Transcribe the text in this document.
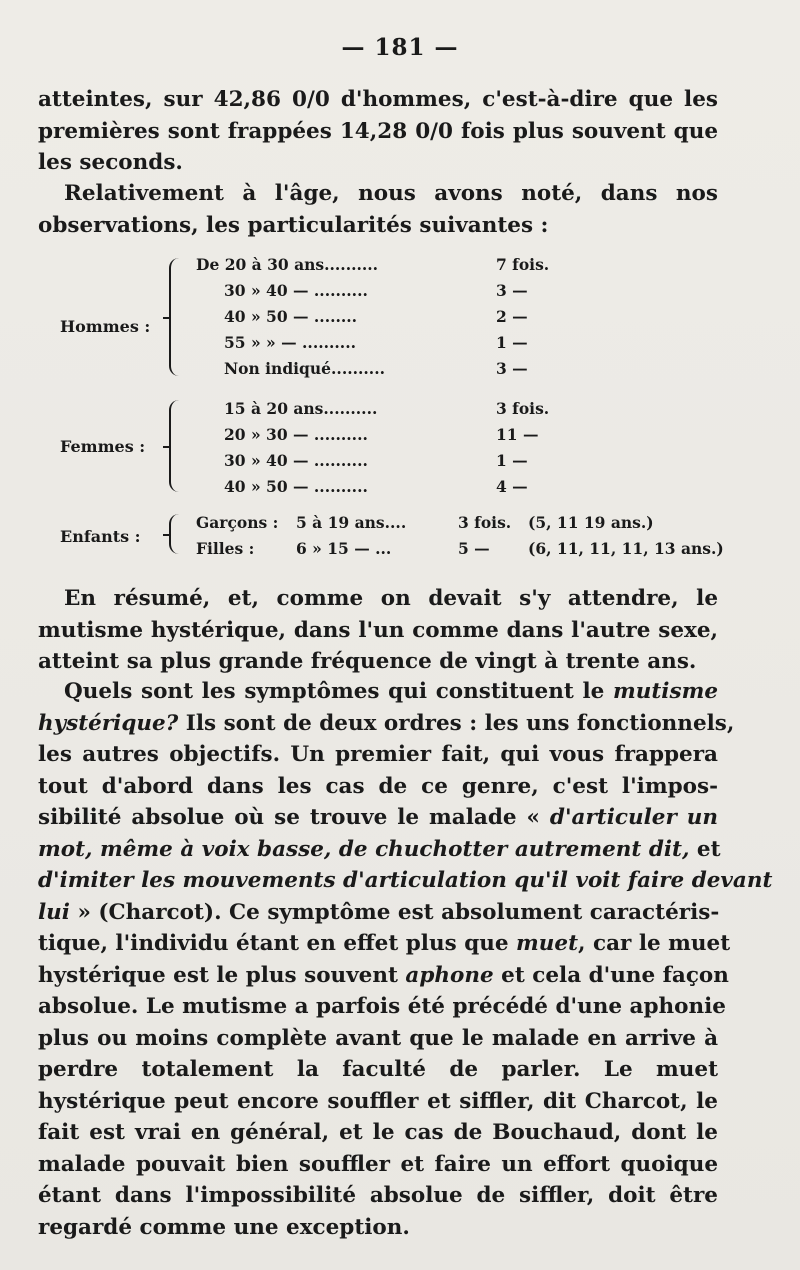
— 181 —

atteintes, sur 42,86 0/0 d'hommes, c'est-à-dire que les
premières sont frappées 14,28 0/0 fois plus souvent que
les seconds.

Relativement à l'âge, nous avons noté, dans nos
observations, les particularités suivantes :

Hommes :
De 20 à 30 ans..........	7 fois.
30 » 40 — ..........	3 —
40 » 50 — ........	2 —
55 » » — ..........	1 —
Non indiqué..........	3 —
Femmes :
15 à 20 ans..........	3 fois.
20 » 30 — ..........	11 —
30 » 40 — ..........	1 —
40 » 50 — ..........	4 —
Enfants :
Garçons : 5 à 19 ans....	3 fois. (5, 11 19 ans.)
Filles :	6 » 15 — ...	5 — (6, 11, 11, 11, 13 ans.)

En résumé, et, comme on devait s'y attendre, le
mutisme hystérique, dans l'un comme dans l'autre sexe,
atteint sa plus grande fréquence de vingt à trente ans.

Quels sont les symptômes qui constituent le mutisme
hystérique? Ils sont de deux ordres : les uns fonctionnels,
les autres objectifs. Un premier fait, qui vous frappera
tout d'abord dans les cas de ce genre, c'est l'impos-
sibilité absolue où se trouve le malade « d'articuler un
mot, même à voix basse, de chuchotter autrement dit, et
d'imiter les mouvements d'articulation qu'il voit faire devant
lui » (Charcot). Ce symptôme est absolument caractéris-
tique, l'individu étant en effet plus que muet, car le muet
hystérique est le plus souvent aphone et cela d'une façon
absolue. Le mutisme a parfois été précédé d'une aphonie
plus ou moins complète avant que le malade en arrive à
perdre totalement la faculté de parler. Le muet
hystérique peut encore souffler et siffler, dit Charcot, le
fait est vrai en général, et le cas de Bouchaud, dont le
malade pouvait bien souffler et faire un effort quoique
étant dans l'impossibilité absolue de siffler, doit être
regardé comme une exception.
